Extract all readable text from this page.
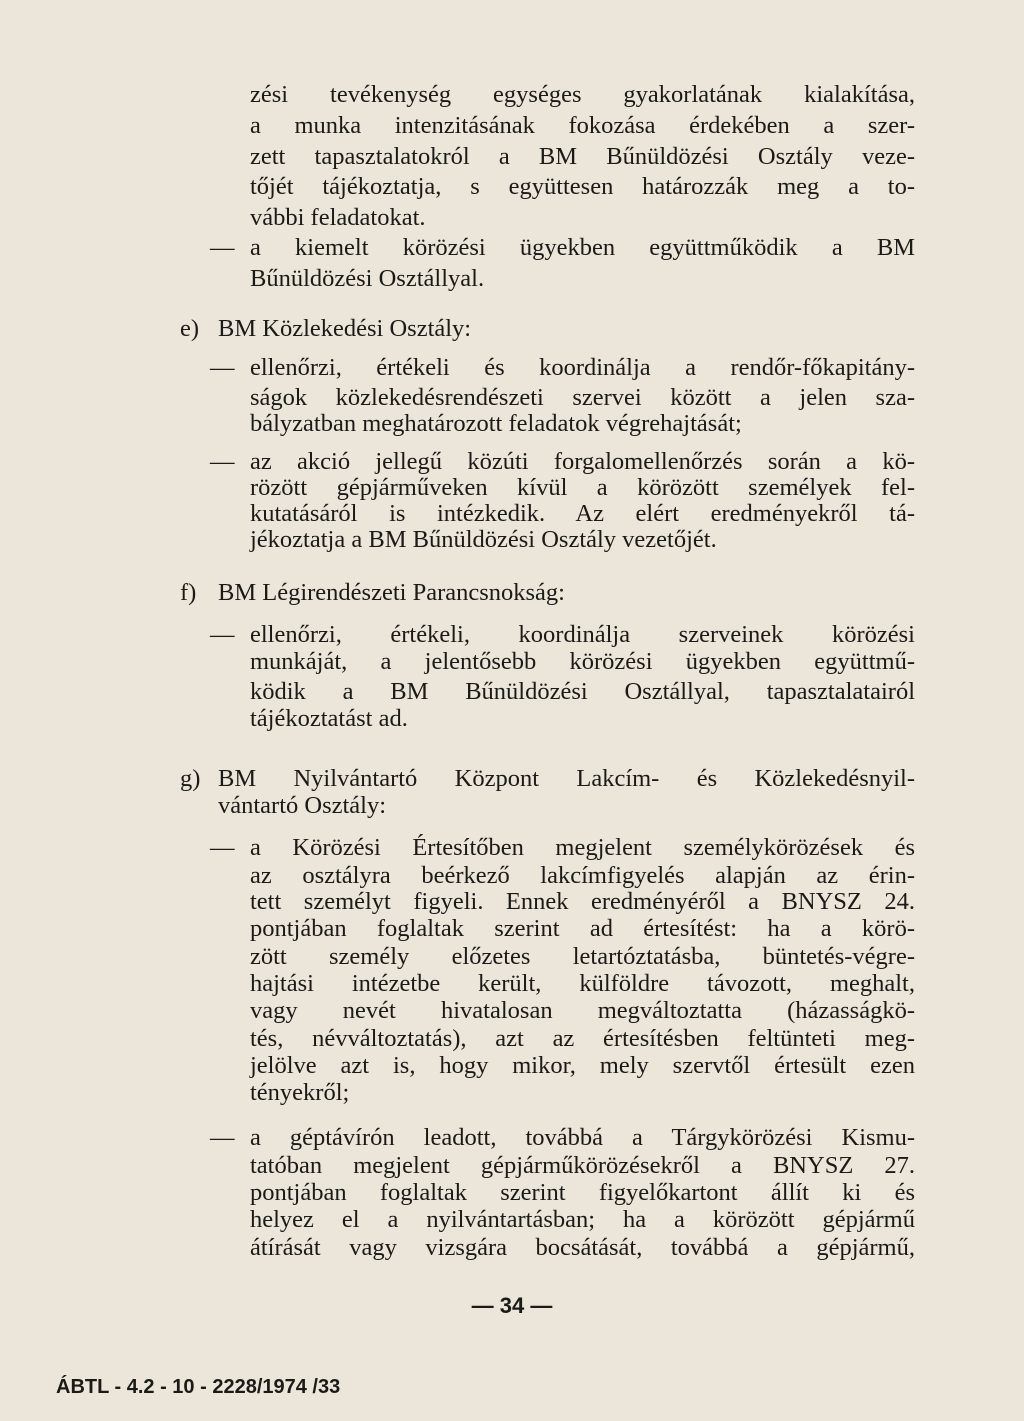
zési tevékenység egységes gyakorlatának kialakítása,
a munka intenzitásának fokozása érdekében a szer-
zett tapasztalatokról a BM Bűnüldözési Osztály veze-
tőjét tájékoztatja, s együttesen határozzák meg a to-
vábbi feladatokat.
— a kiemelt körözési ügyekben együttműködik a BM
Bűnüldözési Osztállyal.
e) BM Közlekedési Osztály:
— ellenőrzi, értékeli és koordinálja a rendőr-főkapitány-
ságok közlekedésrendészeti szervei között a jelen sza-
bályzatban meghatározott feladatok végrehajtását;
— az akció jellegű közúti forgalomellenőrzés során a kö-
rözött gépjárműveken kívül a körözött személyek fel-
kutatásáról is intézkedik. Az elért eredményekről tá-
jékoztatja a BM Bűnüldözési Osztály vezetőjét.
f) BM Légirendészeti Parancsnokság:
— ellenőrzi, értékeli, koordinálja szerveinek körözési
munkáját, a jelentősebb körözési ügyekben együttmű-
ködik a BM Bűnüldözési Osztállyal, tapasztalatairól
tájékoztatást ad.
g) BM Nyilvántartó Központ Lakcím- és Közlekedésnyil-
vántartó Osztály:
— a Körözési Értesítőben megjelent személykörözések és
az osztályra beérkező lakcímfigyelés alapján az érin-
tett személyt figyeli. Ennek eredményéről a BNYSZ 24.
pontjában foglaltak szerint ad értesítést: ha a körö-
zött személy előzetes letartóztatásba, büntetés-végre-
hajtási intézetbe került, külföldre távozott, meghalt,
vagy nevét hivatalosan megváltoztatta (házasságkö-
tés, névváltoztatás), azt az értesítésben feltünteti meg-
jelölve azt is, hogy mikor, mely szervtől értesült ezen
tényekről;
— a géptávírón leadott, továbbá a Tárgykörözési Kismu-
tatóban megjelent gépjárműkörözésekről a BNYSZ 27.
pontjában foglaltak szerint figyelőkartont állít ki és
helyez el a nyilvántartásban; ha a körözött gépjármű
átírását vagy vizsgára bocsátását, továbbá a gépjármű,
— 34 —
ÁBTL - 4.2 - 10 - 2228/1974 /33
